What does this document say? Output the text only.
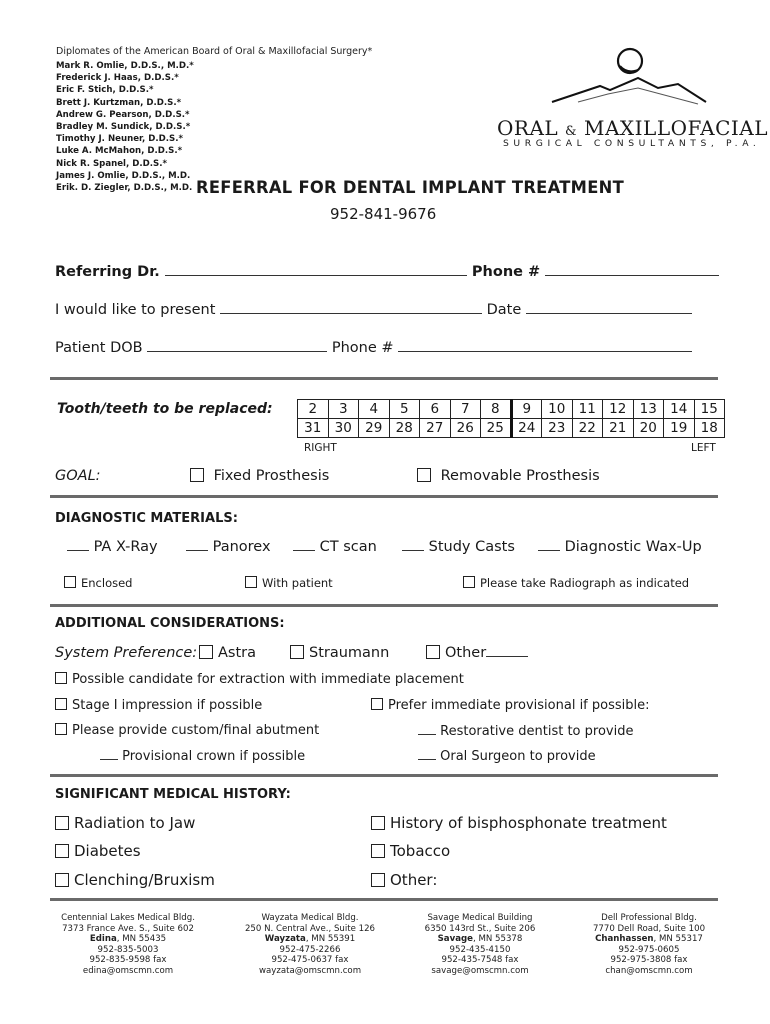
Diplomates of the American Board of Oral & Maxillofacial Surgery*
Mark R. Omlie, D.D.S., M.D.*
Frederick J. Haas, D.D.S.*
Eric F. Stich, D.D.S.*
Brett J. Kurtzman, D.D.S.*
Andrew G. Pearson, D.D.S.*
Bradley M. Sundick, D.D.S.*
Timothy J. Neuner, D.D.S.*
Luke A. McMahon, D.D.S.*
Nick R. Spanel, D.D.S.*
James J. Omlie, D.D.S., M.D.
Erik. D. Ziegler, D.D.S., M.D.
ORAL & MAXILLOFACIAL
SURGICAL CONSULTANTS, P.A.
REFERRAL FOR DENTAL IMPLANT TREATMENT
952-841-9676
Referring Dr.	Phone #
I would like to present	Date
Patient DOB	Phone #
Tooth/teeth to be replaced:	2	3	4	5	6	7	8	9	10	11	12	13	14	15
31	30	29	28	27	26	25	24	23	22	21	20	19	18
RIGHT	LEFT
GOAL:	Fixed Prosthesis	Removable Prosthesis
DIAGNOSTIC MATERIALS:
PA X-Ray	Panorex	CT scan	Study Casts	Diagnostic Wax-Up
Enclosed	With patient	Please take Radiograph as indicated
ADDITIONAL CONSIDERATIONS:
System Preference:	Astra	Straumann	Other
Possible candidate for extraction with immediate placement
Stage I impression if possible	Prefer immediate provisional if possible:
Please provide custom/final abutment	Restorative dentist to provide
Provisional crown if possible	Oral Surgeon to provide
SIGNIFICANT MEDICAL HISTORY:
Radiation to Jaw	History of bisphosphonate treatment
Diabetes	Tobacco
Clenching/Bruxism	Other:
Centennial Lakes Medical Bldg.
7373 France Ave. S., Suite 602
Edina, MN 55435
952-835-5003
952-835-9598 fax
edina@omscmn.com
Wayzata Medical Bldg.
250 N. Central Ave., Suite 126
Wayzata, MN 55391
952-475-2266
952-475-0637 fax
wayzata@omscmn.com
Savage Medical Building
6350 143rd St., Suite 206
Savage, MN 55378
952-435-4150
952-435-7548 fax
savage@omscmn.com
Dell Professional Bldg.
7770 Dell Road, Suite 100
Chanhassen, MN 55317
952-975-0605
952-975-3808 fax
chan@omscmn.com
